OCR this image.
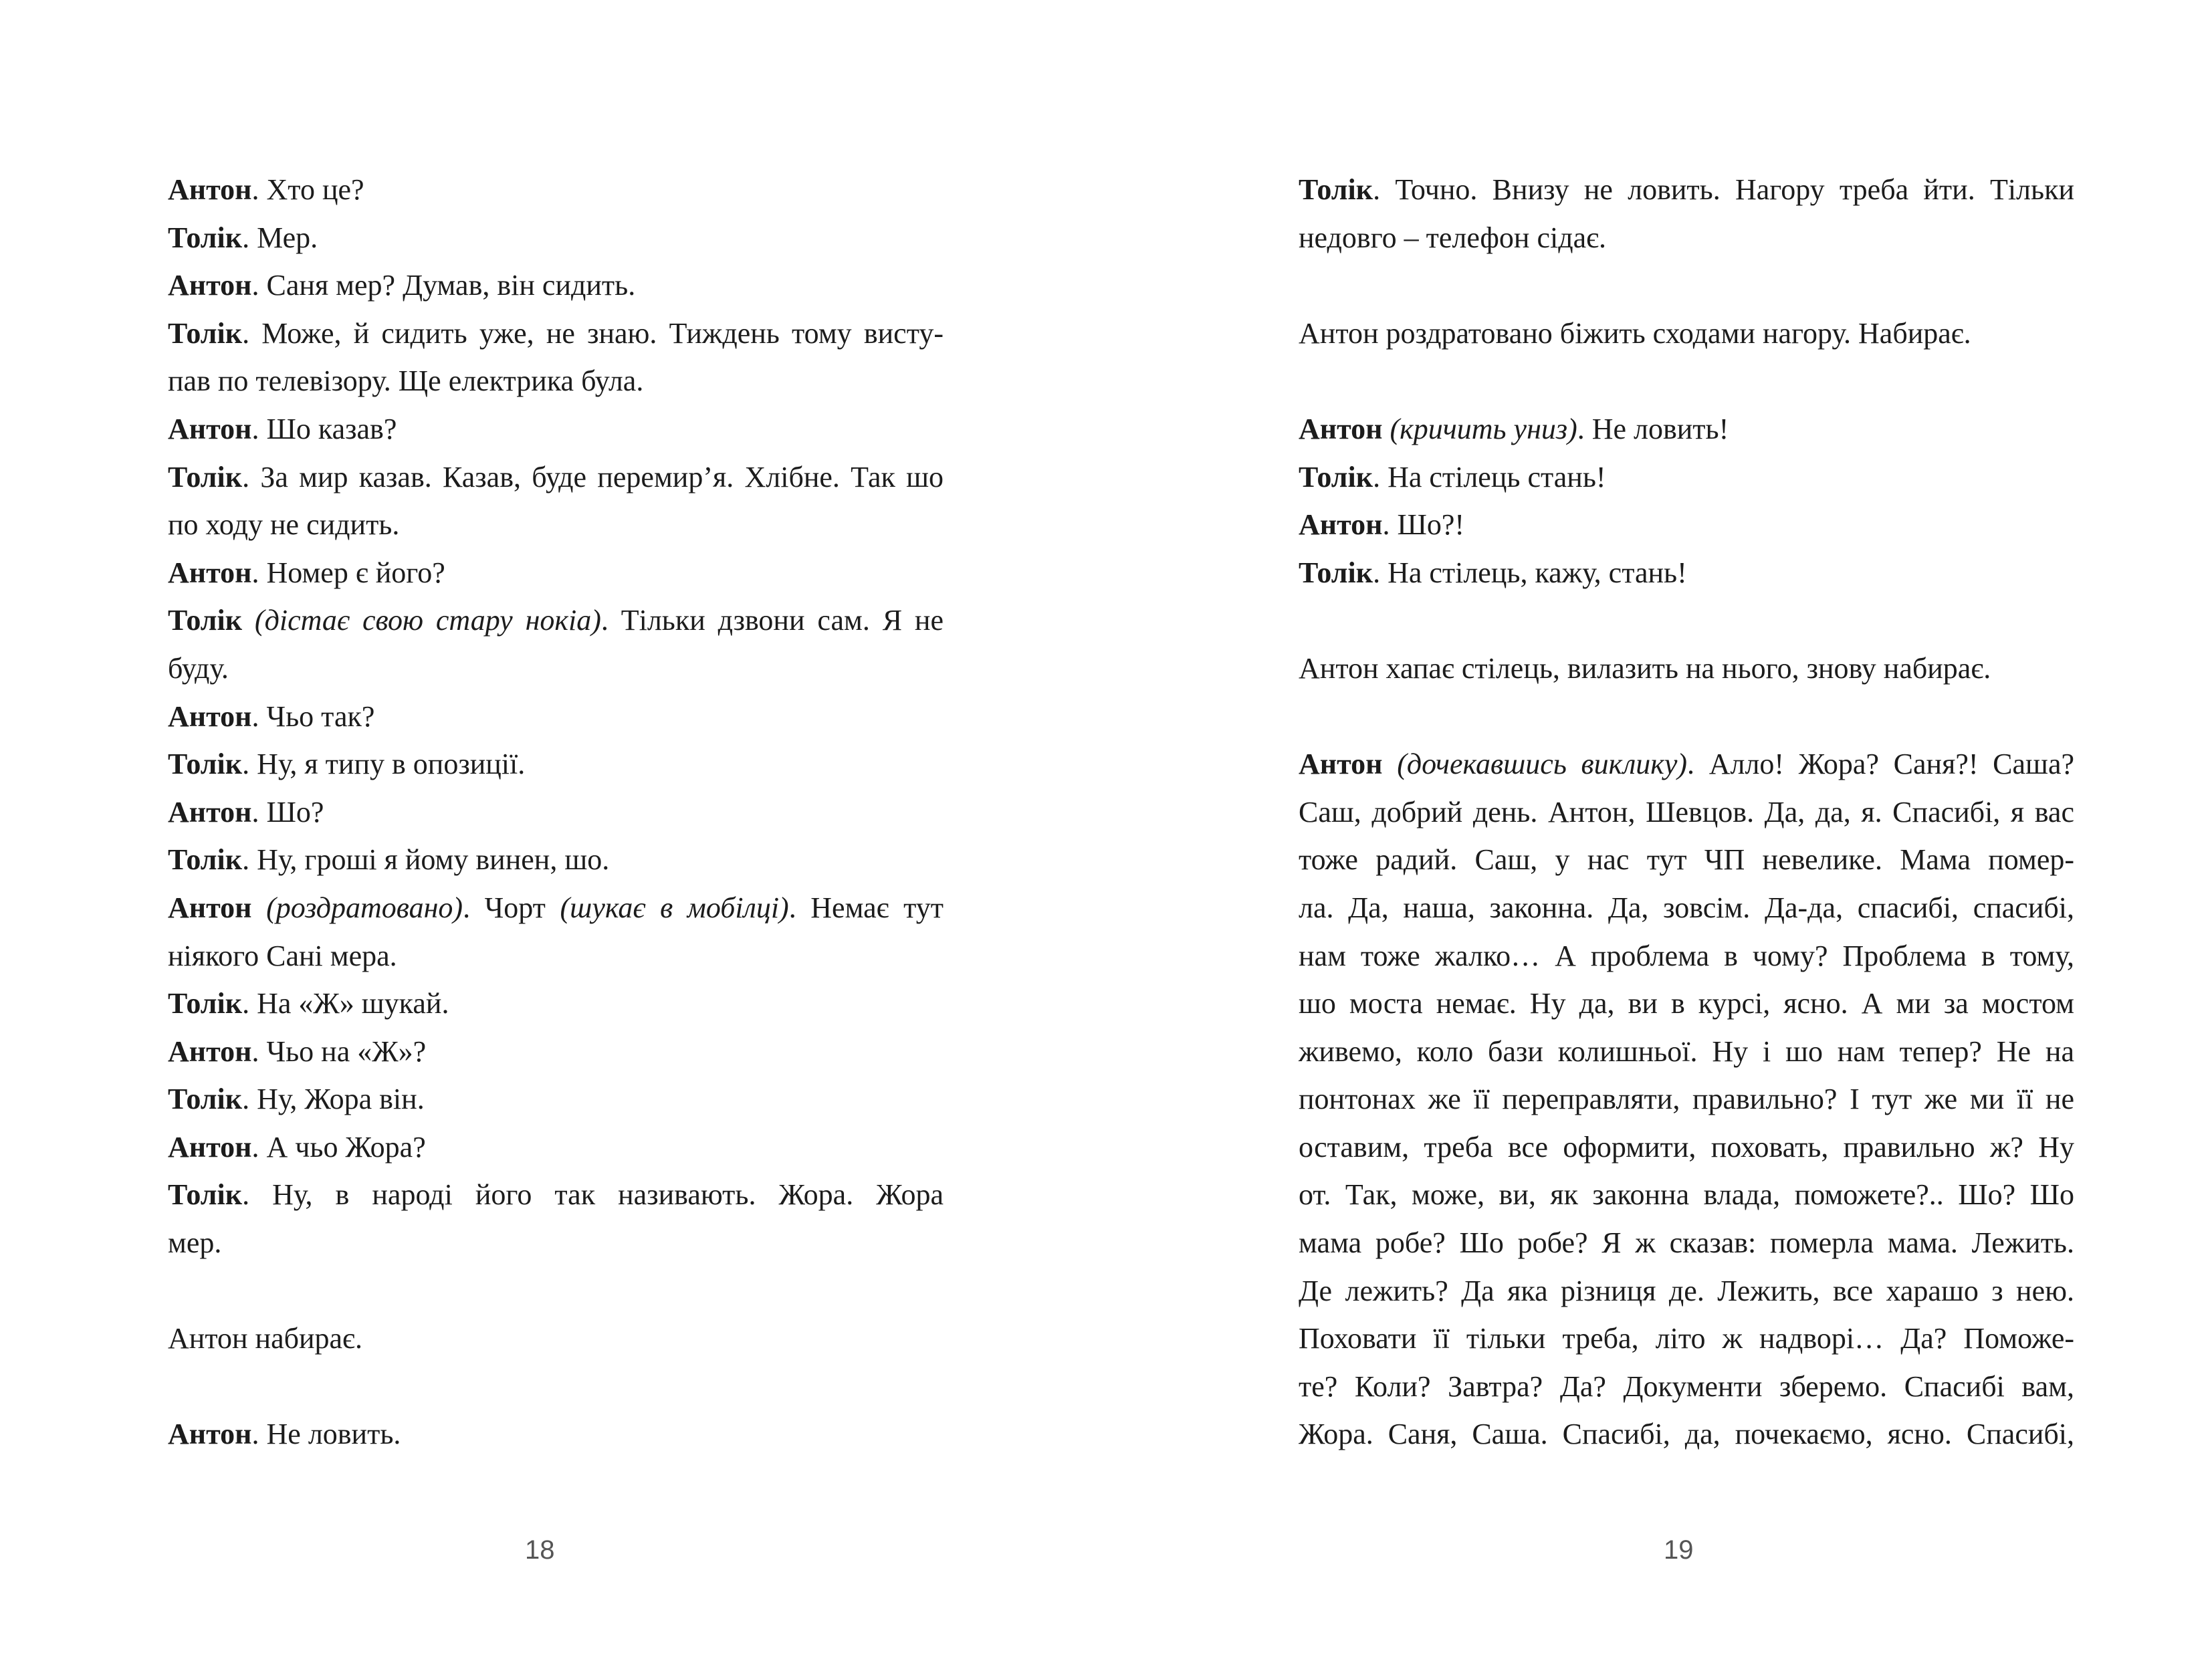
Антон. Хто це?
Толік. Мер.
Антон. Саня мер? Думав, він сидить.
Толік. Може, й сидить уже, не знаю. Тиждень тому висту-
пав по телевізору. Ще електрика була.
Антон. Шо казав?
Толік. За мир казав. Казав, буде перемир’я. Хлібне. Так шо
по ходу не сидить.
Антон. Номер є його?
Толік (дістає свою стару нокіа). Тільки дзвони сам. Я не
буду.
Антон. Чьо так?
Толік. Ну, я типу в опозиції.
Антон. Шо?
Толік. Ну, гроші я йому винен, шо.
Антон (роздратовано). Чорт (шукає в мобілці). Немає тут
ніякого Сані мера.
Толік. На «Ж» шукай.
Антон. Чьо на «Ж»?
Толік. Ну, Жора він.
Антон. А чьо Жора?
Толік. Ну, в народі його так називають. Жора. Жора
мер.
Антон набирає.
Антон. Не ловить.
Толік. Точно. Внизу не ловить. Нагору треба йти. Тільки
недовго – телефон сідає.
Антон роздратовано біжить сходами нагору. Набирає.
Антон (кричить униз). Не ловить!
Толік. На стілець стань!
Антон. Шо?!
Толік. На стілець, кажу, стань!
Антон хапає стілець, вилазить на нього, знову набирає.
Антон (дочекавшись виклику). Алло! Жора? Саня?! Саша?
Саш, добрий день. Антон, Шевцов. Да, да, я. Спасибі, я вас
тоже радий. Саш, у нас тут ЧП невелике. Мама помер-
ла. Да, наша, законна. Да, зовсім. Да-да, спасибі, спасибі,
нам тоже жалко… А проблема в чому? Проблема в тому,
шо моста немає. Ну да, ви в курсі, ясно. А ми за мостом
живемо, коло бази колишньої. Ну і шо нам тепер? Не на
понтонах же її переправляти, правильно? І тут же ми її не
оставим, треба все оформити, поховать, правильно ж? Ну
от. Так, може, ви, як законна влада, поможете?.. Шо? Шо
мама робе? Шо робе? Я ж сказав: померла мама. Лежить.
Де лежить? Да яка різниця де. Лежить, все харашо з нею.
Поховати її тільки треба, літо ж надворі… Да? Поможе-
те? Коли? Завтра? Да? Документи зберемо. Спасибі вам,
Жора. Саня, Саша. Спасибі, да, почекаємо, ясно. Спасибі,
18	19
